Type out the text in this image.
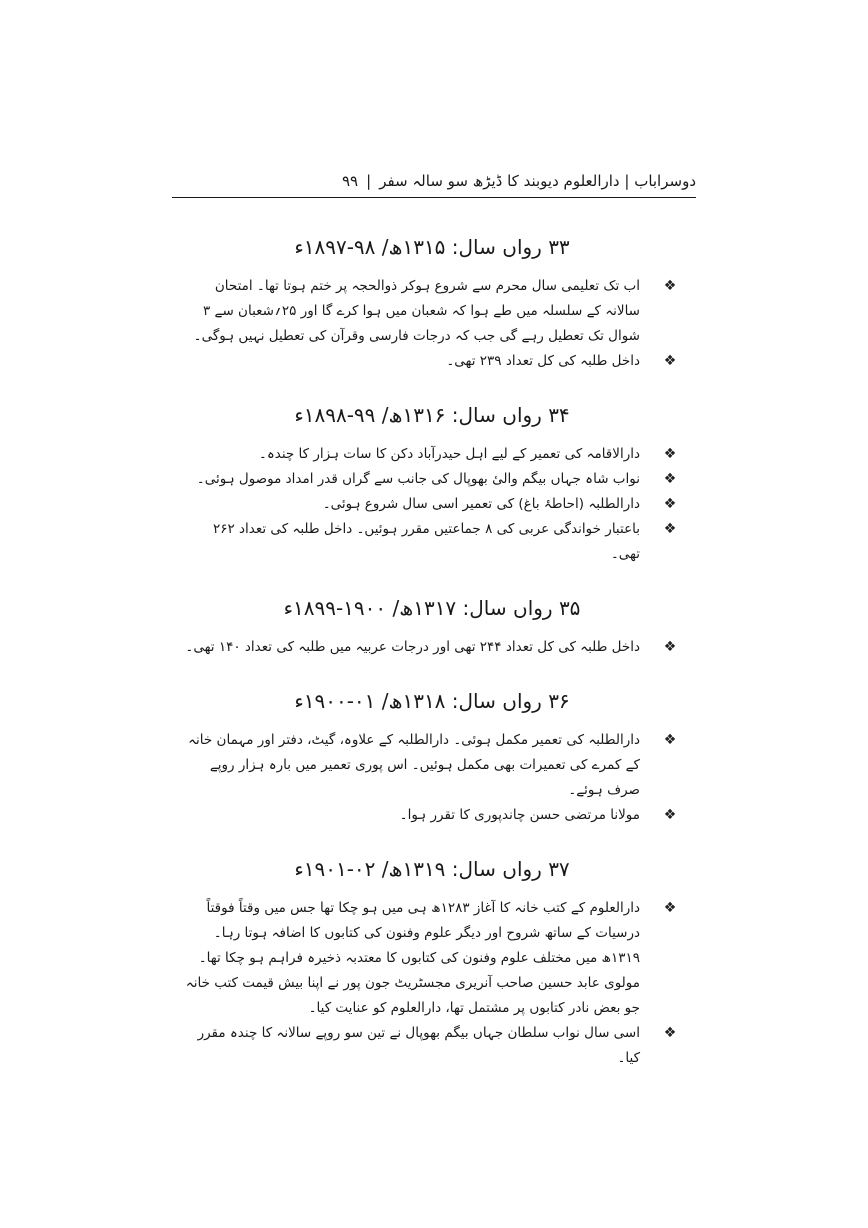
دوسراباب | دارالعلوم دیوبند کا ڈیڑھ سو سالہ سفر|۹۹
۳۳ رواں سال: ۱۳۱۵ھ/ ۹۸-۱۸۹۷ء
❖
اب تک تعلیمی سال محرم سے شروع ہوکر ذوالحجہ پر ختم ہوتا تھا۔ امتحان سالانہ کے سلسلہ میں طے ہوا کہ شعبان میں ہوا کرے گا اور ۲۵؍شعبان سے ۳ شوال تک تعطیل رہے گی جب کہ درجات فارسی وقرآن کی تعطیل نہیں ہوگی۔
❖
داخل طلبہ کی کل تعداد ۲۳۹ تھی۔
۳۴ رواں سال: ۱۳۱۶ھ/ ۹۹-۱۸۹۸ء
❖
دارالاقامہ کی تعمیر کے لیے اہل حیدرآباد دکن کا سات ہزار کا چندہ۔
❖
نواب شاہ جہاں بیگم والیٔ بھوپال کی جانب سے گراں قدر امداد موصول ہوئی۔
❖
دارالطلبہ (احاطۂ باغ) کی تعمیر اسی سال شروع ہوئی۔
❖
باعتبار خواندگی عربی کی ۸ جماعتیں مقرر ہوئیں۔ داخل طلبہ کی تعداد ۲۶۲ تھی۔
۳۵ رواں سال: ۱۳۱۷ھ/ ۱۹۰۰-۱۸۹۹ء
❖
داخل طلبہ کی کل تعداد ۲۴۴ تھی اور درجات عربیہ میں طلبہ کی تعداد ۱۴۰ تھی۔
۳۶ رواں سال: ۱۳۱۸ھ/ ۰۱-۱۹۰۰ء
❖
دارالطلبہ کی تعمیر مکمل ہوئی۔ دارالطلبہ کے علاوہ، گیٹ، دفتر اور مہمان خانہ کے کمرے کی تعمیرات بھی مکمل ہوئیں۔ اس پوری تعمیر میں بارہ ہزار روپے صرف ہوئے۔
❖
مولانا مرتضی حسن چاندپوری کا تقرر ہوا۔
۳۷ رواں سال: ۱۳۱۹ھ/ ۰۲-۱۹۰۱ء
❖
دارالعلوم کے کتب خانہ کا آغاز ۱۲۸۳ھ ہی میں ہو چکا تھا جس میں وقتاً فوقتاً درسیات کے ساتھ شروح اور دیگر علوم وفنون کی کتابوں کا اضافہ ہوتا رہا۔ ۱۳۱۹ھ میں مختلف علوم وفنون کی کتابوں کا معتدبہ ذخیرہ فراہم ہو چکا تھا۔ مولوی عابد حسین صاحب آنریری مجسٹریٹ جون پور نے اپنا بیش قیمت کتب خانہ جو بعض نادر کتابوں پر مشتمل تھا، دارالعلوم کو عنایت کیا۔
❖
اسی سال نواب سلطان جہاں بیگم بھوپال نے تین سو روپے سالانہ کا چندہ مقرر کیا۔
